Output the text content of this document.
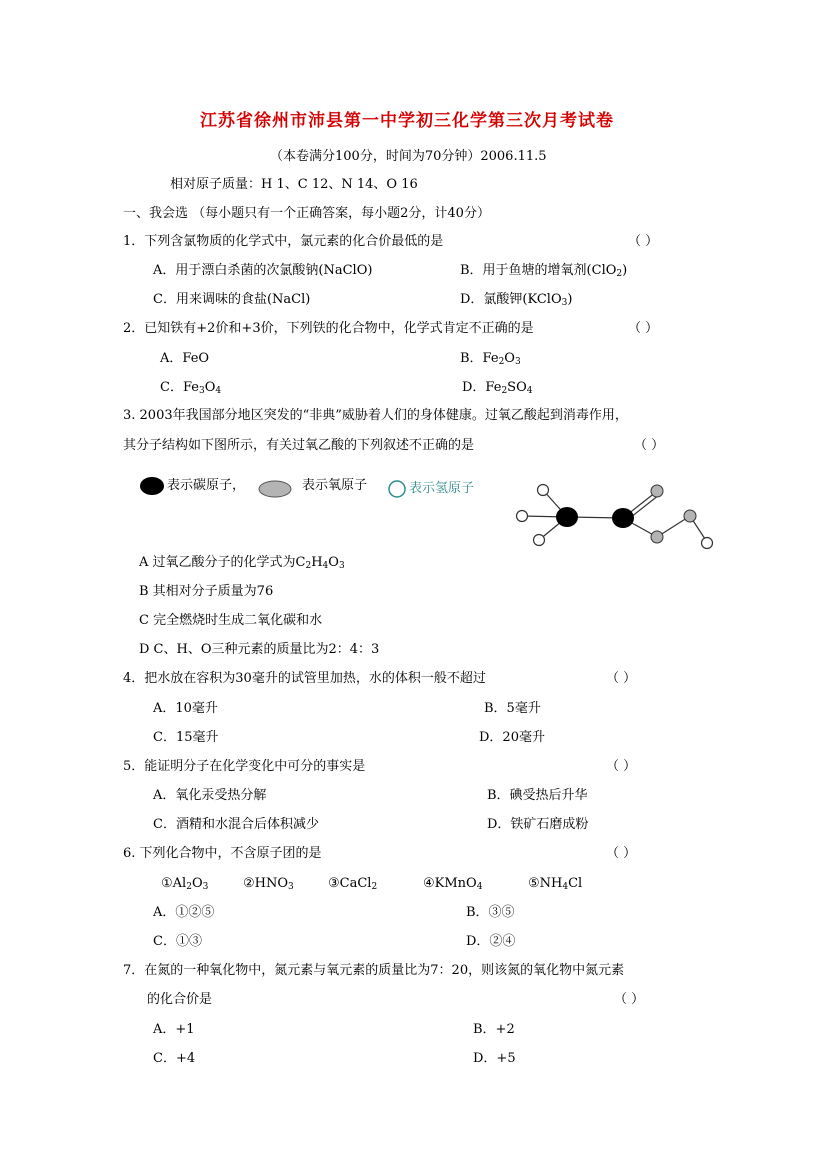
江苏省徐州市沛县第一中学初三化学第三次月考试卷
（本卷满分100分，时间为70分钟）2006.11.5
相对原子质量：H 1、C 12、N 14、O 16
一、我会选 （每小题只有一个正确答案，每小题2分，计40分）
1．下列含氯物质的化学式中，氯元素的化合价最低的是	（ ）
A．用于漂白杀菌的次氯酸钠(NaClO)	B．用于鱼塘的增氧剂(ClO$_2$)
C．用来调味的食盐(NaCl)	D．氯酸钾(KClO$_3$)
2．已知铁有+2价和+3价，下列铁的化合物中，化学式肯定不正确的是	（ ）
A．FeO	B．$Fe_2O_3$
C．$Fe_3O_4$	D．$Fe_2SO_4$
3. 2003年我国部分地区突发的“非典”威胁着人们的身体健康。过氧乙酸起到消毒作用，
其分子结构如下图所示，有关过氧乙酸的下列叙述不正确的是	（ ）
表示碳原子，	表示氧原子	表示氢原子
A 过氧乙酸分子的化学式为$C_2H_4O_3$
B 其相对分子质量为76
C 完全燃烧时生成二氧化碳和水
D C、H、O三种元素的质量比为2：4：3
4．把水放在容积为30毫升的试管里加热，水的体积一般不超过	（ ）
A．10毫升	B．5毫升
C．15毫升	D．20毫升
5．能证明分子在化学变化中可分的事实是	（ ）
A．氧化汞受热分解	B．碘受热后升华
C．酒精和水混合后体积减少	D．铁矿石磨成粉
6. 下列化合物中，不含原子团的是	（ ）
$①Al_2O_3$	$②HNO_3$	③CaCl$_2$	④KMnO$_4$	$⑤NH_4Cl$
A．①②⑤	B．③⑤
C．①③	D．②④
7．在氮的一种氧化物中，氮元素与氧元素的质量比为7：20，则该氮的氧化物中氮元素
的化合价是	（ ）
A．+1	B．+2
C．+4	D．+5
